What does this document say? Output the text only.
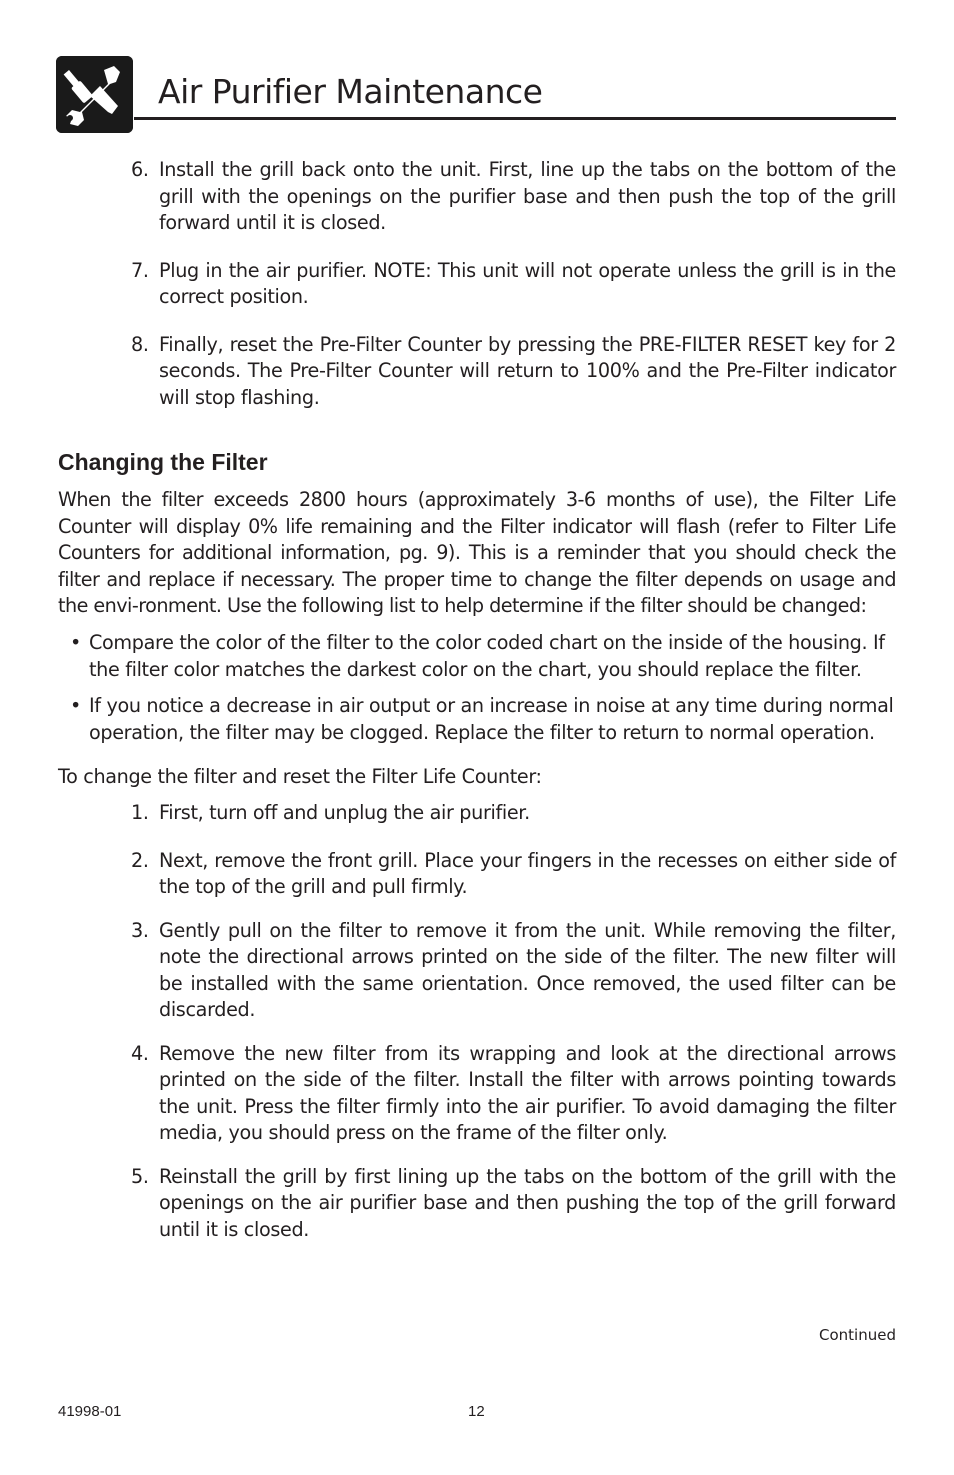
Air Purifier Maintenance
6. Install the grill back onto the unit. First, line up the tabs on the bottom of the grill with the openings on the purifier base and then push the top of the grill forward until it is closed.
7. Plug in the air purifier. NOTE: This unit will not operate unless the grill is in the correct position.
8. Finally, reset the Pre-Filter Counter by pressing the PRE-FILTER RESET key for 2 seconds. The Pre-Filter Counter will return to 100% and the Pre-Filter indicator will stop flashing.
Changing the Filter

When the filter exceeds 2800 hours (approximately 3-6 months of use), the Filter Life Counter will display 0% life remaining and the Filter indicator will flash (refer to Filter Life Counters for additional information, pg. 9). This is a reminder that you should check the filter and replace if necessary. The proper time to change the filter depends on usage and the envi-ronment. Use the following list to help determine if the filter should be changed:

• Compare the color of the filter to the color coded chart on the inside of the housing. If the filter color matches the darkest color on the chart, you should replace the filter.
• If you notice a decrease in air output or an increase in noise at any time during normal operation, the filter may be clogged. Replace the filter to return to normal operation.

To change the filter and reset the Filter Life Counter:

1. First, turn off and unplug the air purifier.
2. Next, remove the front grill. Place your fingers in the recesses on either side of the top of the grill and pull firmly.
3. Gently pull on the filter to remove it from the unit. While removing the filter, note the directional arrows printed on the side of the filter. The new filter will be installed with the same orientation. Once removed, the used filter can be discarded.
4. Remove the new filter from its wrapping and look at the directional arrows printed on the side of the filter. Install the filter with arrows pointing towards the unit. Press the filter firmly into the air purifier. To avoid damaging the filter media, you should press on the frame of the filter only.
5. Reinstall the grill by first lining up the tabs on the bottom of the grill with the openings on the air purifier base and then pushing the top of the grill forward until it is closed.
Continued
41998-01	12
